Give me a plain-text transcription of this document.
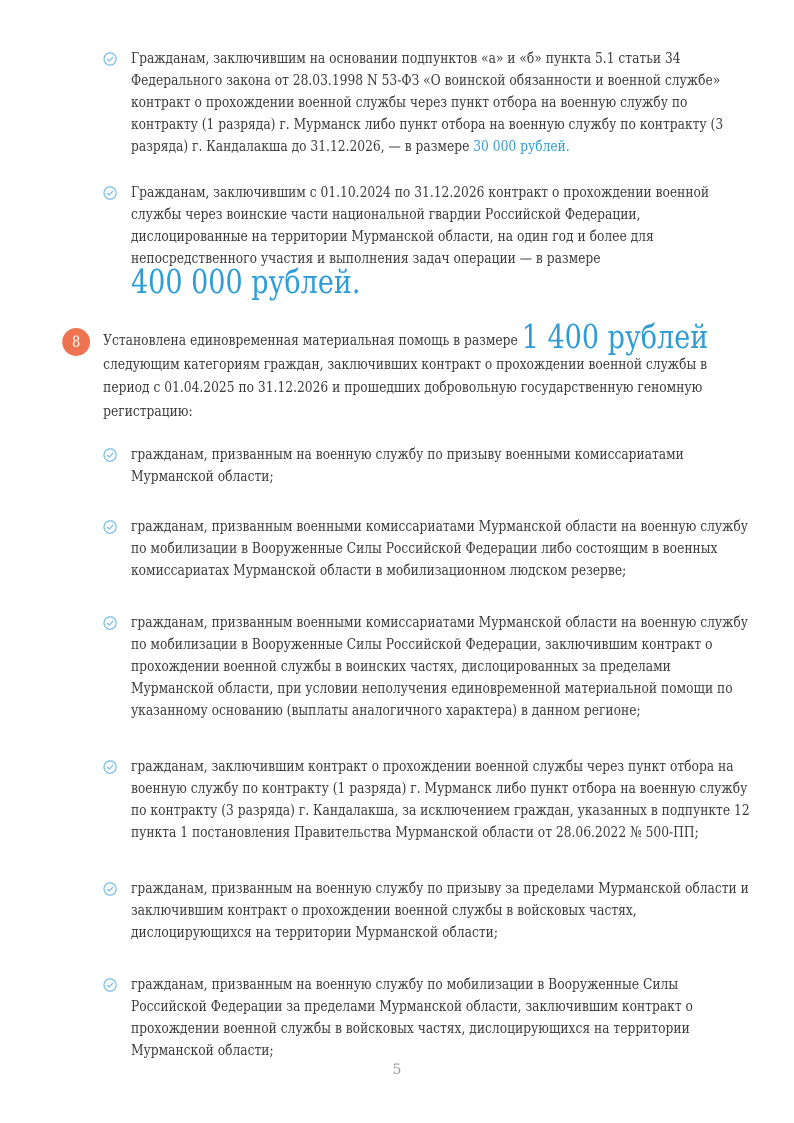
Гражданам, заключившим на основании подпунктов «а» и «б» пункта 5.1 статьи 34 Федерального закона от 28.03.1998 N 53-ФЗ «О воинской обязанности и военной службе» контракт о прохождении военной службы через пункт отбора на военную службу по контракту (1 разряда) г. Мурманск либо пункт отбора на военную службу по контракту (3 разряда) г. Кандалакша до 31.12.2026, — в размере 30 000 рублей.
Гражданам, заключившим с 01.10.2024 по 31.12.2026 контракт о прохождении военной службы через воинские части национальной гвардии Российской Федерации, дислоцированные на территории Мурманской области, на один год и более для непосредственного участия и выполнения задач операции — в размере 400 000 рублей.
8	Установлена единовременная материальная помощь в размере 1 400 рублей следующим категориям граждан, заключивших контракт о прохождении военной службы в период с 01.04.2025 по 31.12.2026 и прошедших добровольную государственную геномную регистрацию:
гражданам, призванным на военную службу по призыву военными комиссариатами Мурманской области;
гражданам, призванным военными комиссариатами Мурманской области на военную службу по мобилизации в Вооруженные Силы Российской Федерации либо состоящим в военных комиссариатах Мурманской области в мобилизационном людском резерве;
гражданам, призванным военными комиссариатами Мурманской области на военную службу по мобилизации в Вооруженные Силы Российской Федерации, заключившим контракт о прохождении военной службы в воинских частях, дислоцированных за пределами Мурманской области, при условии неполучения единовременной материальной помощи по указанному основанию (выплаты аналогичного характера) в данном регионе;
гражданам, заключившим контракт о прохождении военной службы через пункт отбора на военную службу по контракту (1 разряда) г. Мурманск либо пункт отбора на военную службу по контракту (3 разряда) г. Кандалакша, за исключением граждан, указанных в подпункте 12 пункта 1 постановления Правительства Мурманской области от 28.06.2022 № 500-ПП;
гражданам, призванным на военную службу по призыву за пределами Мурманской области и заключившим контракт о прохождении военной службы в войсковых частях, дислоцирующихся на территории Мурманской области;
гражданам, призванным на военную службу по мобилизации в Вооруженные Силы Российской Федерации за пределами Мурманской области, заключившим контракт о прохождении военной службы в войсковых частях, дислоцирующихся на территории Мурманской области;
5
